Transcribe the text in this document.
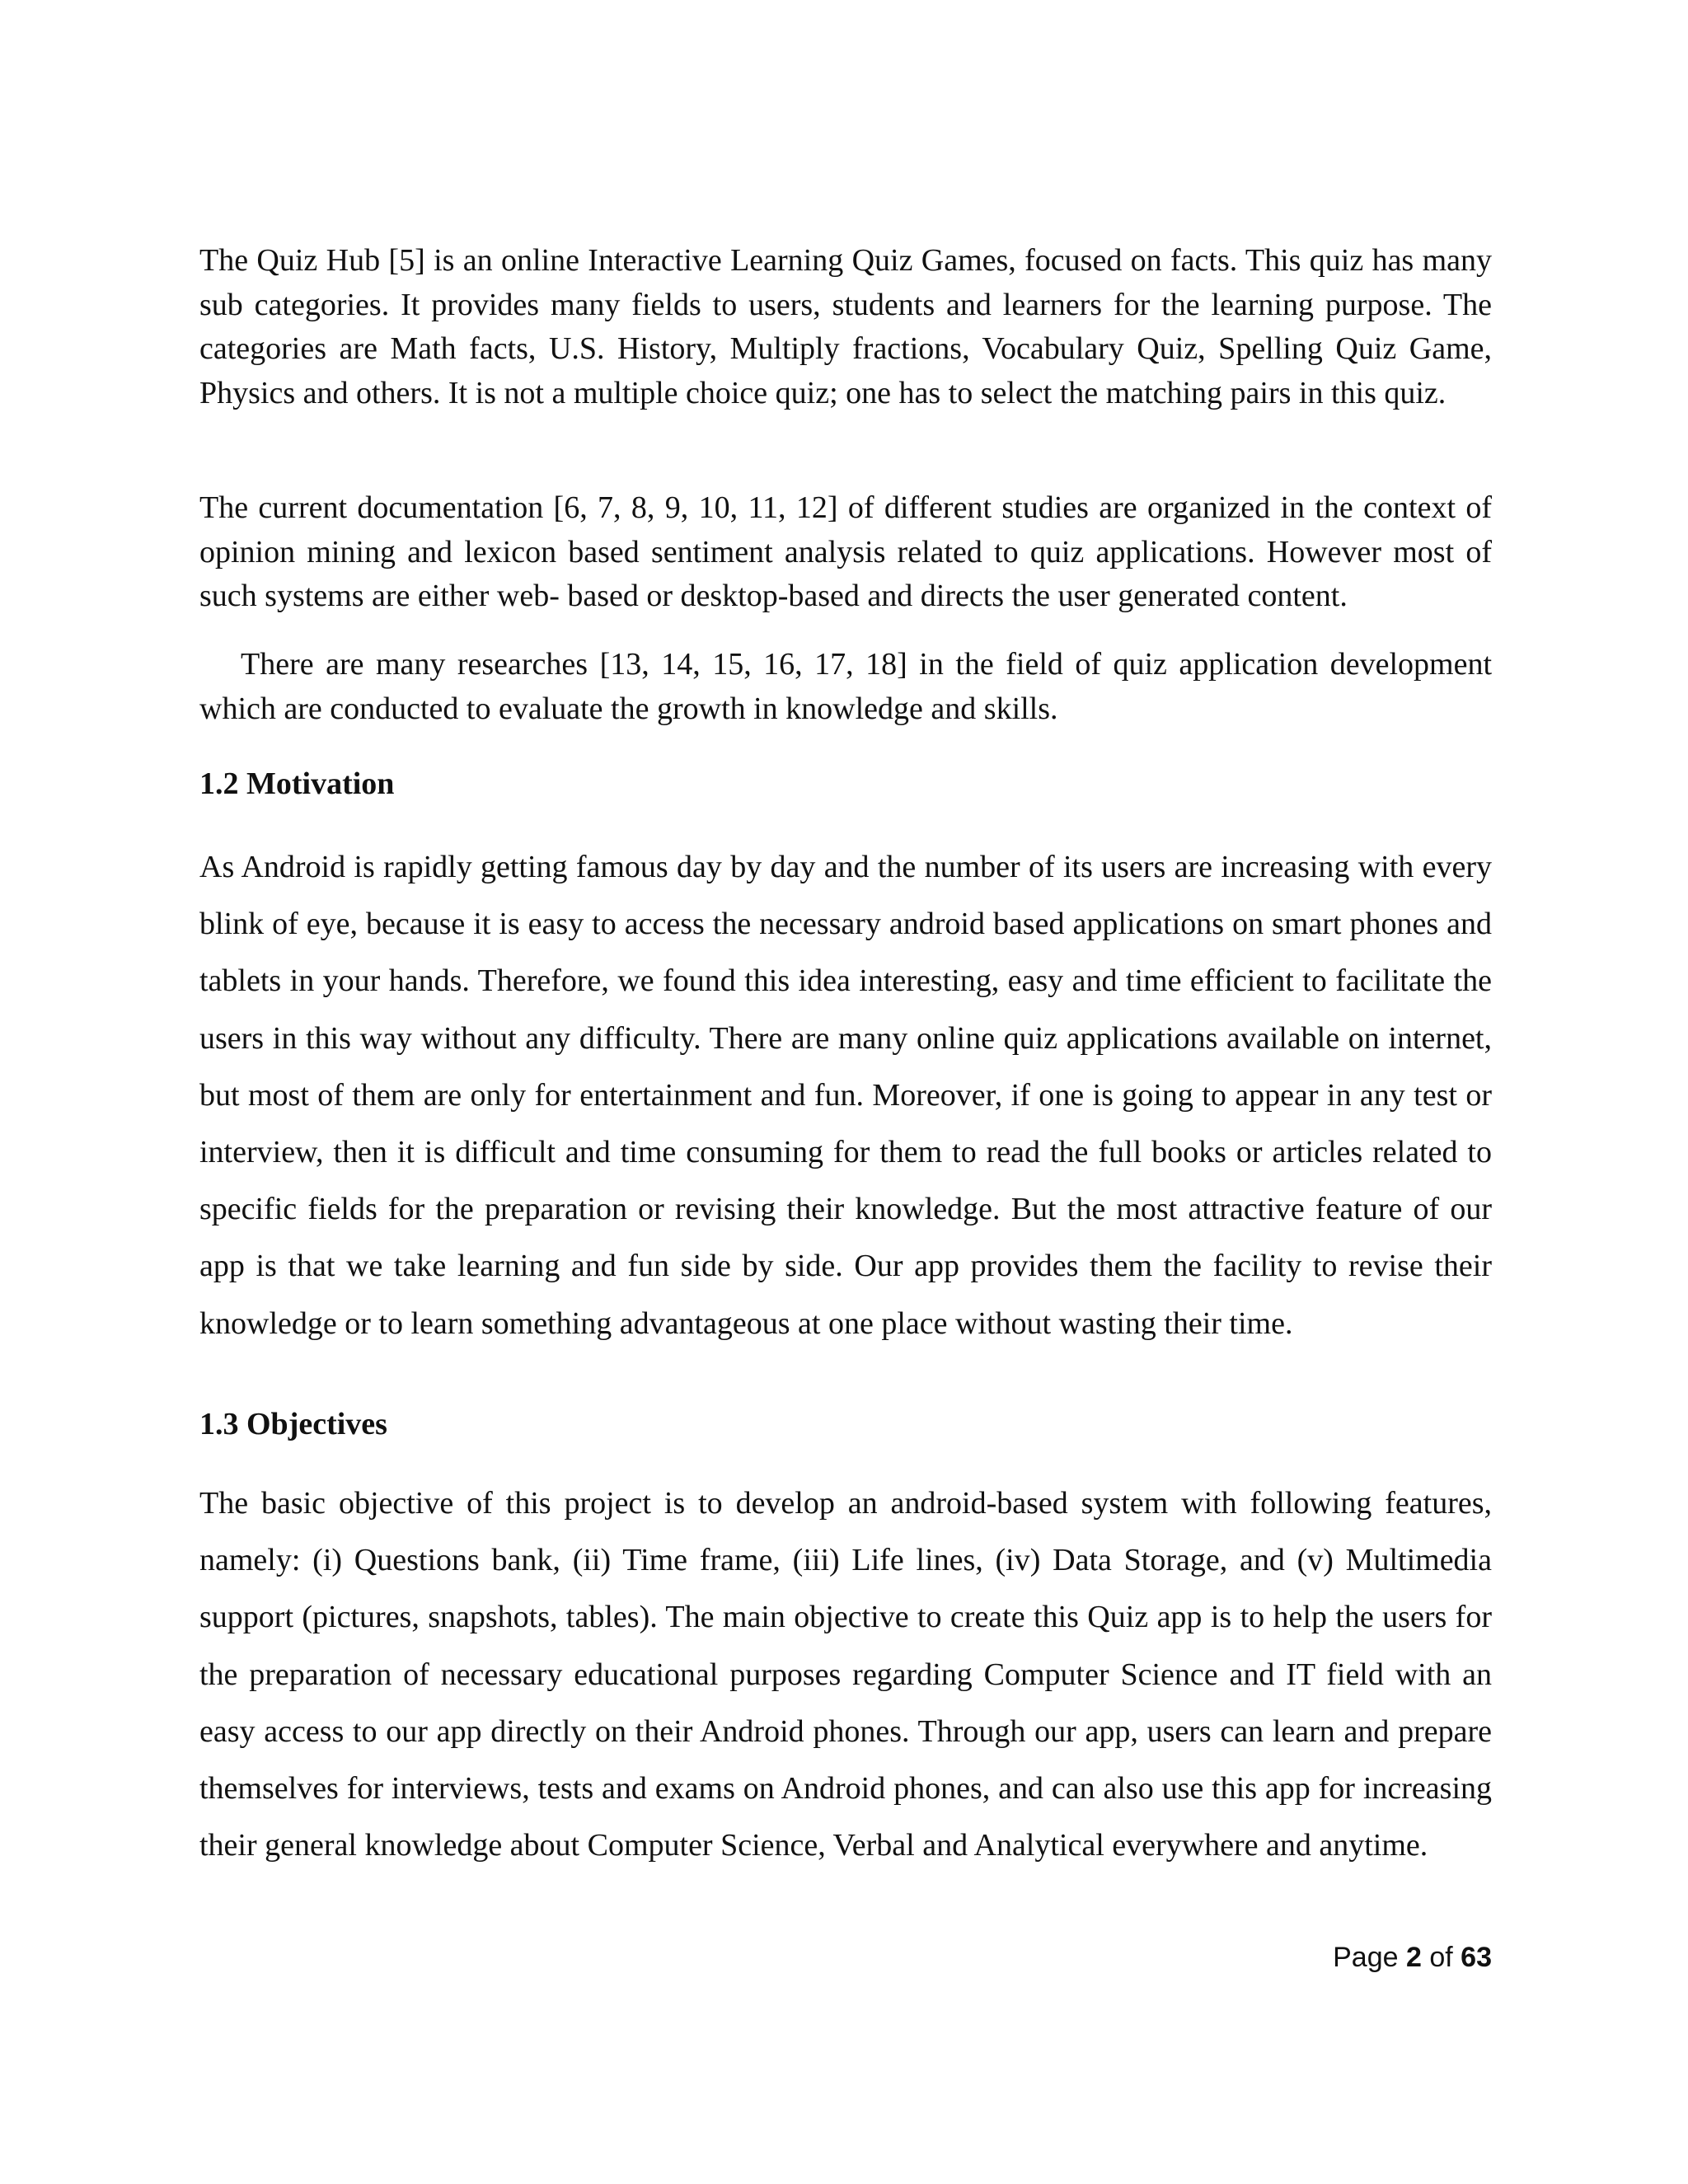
The Quiz Hub [5] is an online Interactive Learning Quiz Games, focused on facts. This quiz has many sub categories. It provides many fields to users, students and learners for the learning purpose. The categories are Math facts, U.S. History, Multiply fractions, Vocabulary Quiz, Spelling Quiz Game, Physics and others. It is not a multiple choice quiz; one has to select the matching pairs in this quiz.

The current documentation [6, 7, 8, 9, 10, 11, 12] of different studies are organized in the context of opinion mining and lexicon based sentiment analysis related to quiz applications. However most of such systems are either web- based or desktop-based and directs the user generated content.

There are many researches [13, 14, 15, 16, 17, 18] in the field of quiz application development which are conducted to evaluate the growth in knowledge and skills.

1.2 Motivation

As Android is rapidly getting famous day by day and the number of its users are increasing with every blink of eye, because it is easy to access the necessary android based applications on smart phones and tablets in your hands. Therefore, we found this idea interesting, easy and time efficient to facilitate the users in this way without any difficulty. There are many online quiz applications available on internet, but most of them are only for entertainment and fun. Moreover, if one is going to appear in any test or interview, then it is difficult and time consuming for them to read the full books or articles related to specific fields for the preparation or revising their knowledge. But the most attractive feature of our app is that we take learning and fun side by side. Our app provides them the facility to revise their knowledge or to learn something advantageous at one place without wasting their time.

1.3 Objectives

The basic objective of this project is to develop an android-based system with following features, namely: (i) Questions bank, (ii) Time frame, (iii) Life lines, (iv) Data Storage, and (v) Multimedia support (pictures, snapshots, tables). The main objective to create this Quiz app is to help the users for the preparation of necessary educational purposes regarding Computer Science and IT field with an easy access to our app directly on their Android phones. Through our app, users can learn and prepare themselves for interviews, tests and exams on Android phones, and can also use this app for increasing their general knowledge about Computer Science, Verbal and Analytical everywhere and anytime.

Page 2 of 63
